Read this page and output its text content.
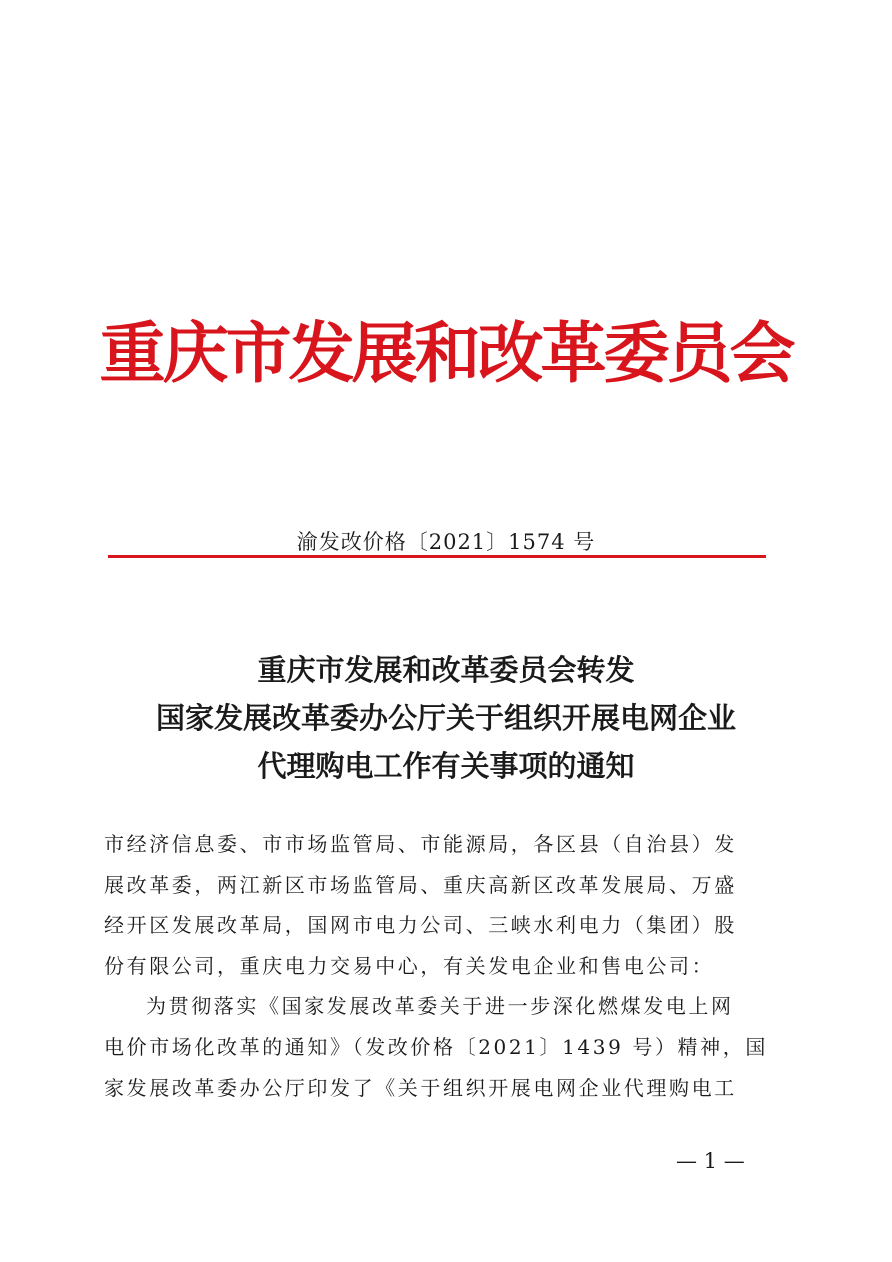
重庆市发展和改革委员会
渝发改价格〔2021〕1574 号
重庆市发展和改革委员会转发
国家发展改革委办公厅关于组织开展电网企业
代理购电工作有关事项的通知
市经济信息委、市市场监管局、市能源局，各区县（自治县）发
展改革委，两江新区市场监管局、重庆高新区改革发展局、万盛
经开区发展改革局，国网市电力公司、三峡水利电力（集团）股
份有限公司，重庆电力交易中心，有关发电企业和售电公司：
为贯彻落实《国家发展改革委关于进一步深化燃煤发电上网
电价市场化改革的通知》（发改价格〔2021〕1439 号）精神，国
家发展改革委办公厅印发了《关于组织开展电网企业代理购电工
— 1 —
